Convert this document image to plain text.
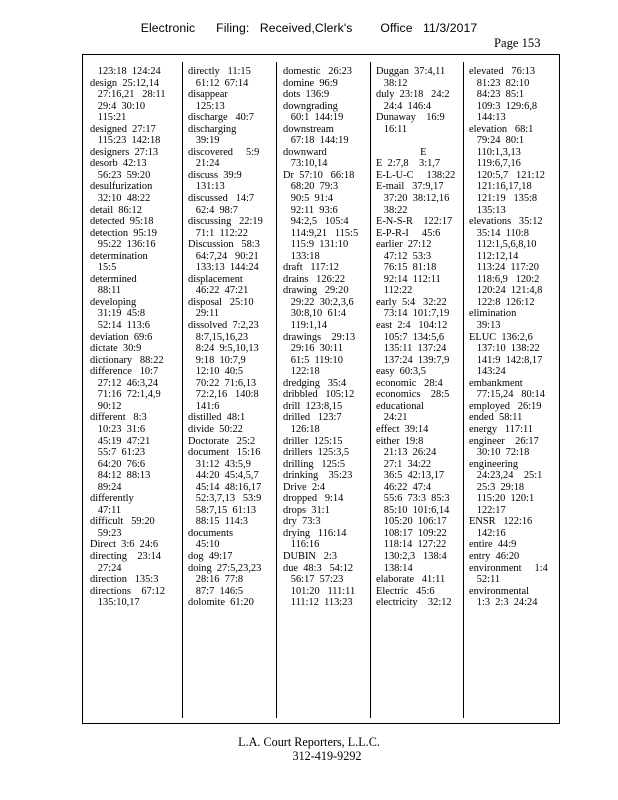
Electronic      Filing:   Received,Clerk's        Office   11/3/2017
Page 153
123:18  124:24
design  25:12,14
27:16,21   28:11
29:4  30:10
115:21
designed  27:17
115:23  142:18
designers  27:13
desorb  42:13
56:23  59:20
desulfurization
32:10  48:22
detail  86:12
detected  95:18
detection  95:19
95:22  136:16
determination
15:5
determined
88:11
developing
31:19  45:8
52:14  113:6
deviation  69:6
dictate  30:9
dictionary   88:22
difference   10:7
27:12  46:3,24
71:16  72:1,4,9
90:12
different   8:3
10:23  31:6
45:19  47:21
55:7  61:23
64:20  76:6
84:12  88:13
89:24
differently
47:11
difficult   59:20
59:23
Direct  3:6  24:6
directing    23:14
27:24
direction   135:3
directions    67:12
135:10,17
directly   11:15
61:12  67:14
disappear
125:13
discharge   40:7
discharging
39:19
discovered     5:9
21:24
discuss  39:9
131:13
discussed   14:7
62:4  98:7
discussing   22:19
71:1  112:22
Discussion   58:3
64:7,24   90:21
133:13  144:24
displacement
46:22  47:21
disposal   25:10
29:11
dissolved  7:2,23
8:7,15,16,23
8:24  9:5,10,13
9:18  10:7,9
12:10  40:5
70:22  71:6,13
72:2,16   140:8
141:6
distilled  48:1
divide  50:22
Doctorate   25:2
document   15:16
31:12  43:5,9
44:20  45:4,5,7
45:14  48:16,17
52:3,7,13   53:9
58:7,15  61:13
88:15  114:3
documents
45:10
dog  49:17
doing  27:5,23,23
28:16  77:8
87:7  146:5
dolomite  61:20
domestic   26:23
domine  96:9
dots  136:9
downgrading
60:1  144:19
downstream
67:18  144:19
downward
73:10,14
Dr  57:10   66:18
68:20  79:3
90:5  91:4
92:11  93:6
94:2,5   105:4
114:9,21   115:5
115:9  131:10
133:18
draft   117:12
drains   126:22
drawing   29:20
29:22  30:2,3,6
30:8,10  61:4
119:1,14
drawings    29:13
29:16  30:11
61:5  119:10
122:18
dredging   35:4
dribbled   105:12
drill  123:8,15
drilled   123:7
126:18
driller  125:15
drillers  125:3,5
drilling   125:5
drinking    35:23
Drive  2:4
dropped   9:14
drops  31:1
dry  73:3
drying   116:14
116:16
DUBIN   2:3
due  48:3   54:12
56:17  57:23
101:20   111:11
111:12  113:23
Duggan  37:4,11
38:12
duly  23:18   24:2
24:4  146:4
Dunaway    16:9
16:11

E
E  2:7,8    3:1,7
E-L-U-C     138:22
E-mail   37:9,17
37:20  38:12,16
38:22
E-N-S-R    122:17
E-P-R-I     45:6
earlier  27:12
47:12  53:3
76:15  81:18
92:14  112:11
112:22
early  5:4   32:22
73:14  101:7,19
east  2:4   104:12
105:7  134:5,6
135:11  137:24
137:24  139:7,9
easy  60:3,5
economic   28:4
economics    28:5
educational
24:21
effect  39:14
either  19:8
21:13  26:24
27:1  34:22
36:5  42:13,17
46:22  47:4
55:6  73:3  85:3
85:10  101:6,14
105:20  106:17
108:17  109:22
118:14  127:22
130:2,3   138:4
138:14
elaborate   41:11
Electric   45:6
electricity    32:12
elevated   76:13
81:23  82:10
84:23  85:1
109:3  129:6,8
144:13
elevation   68:1
79:24  80:1
110:1,3,13
119:6,7,16
120:5,7   121:12
121:16,17,18
121:19   135:8
135:13
elevations   35:12
35:14  110:8
112:1,5,6,8,10
112:12,14
113:24  117:20
118:6,9   120:2
120:24  121:4,8
122:8  126:12
elimination
39:13
ELUC  136:2,6
137:10  138:22
141:9  142:8,17
143:24
embankment
77:15,24   80:14
employed   26:19
ended  58:11
energy   117:11
engineer    26:17
30:10  72:18
engineering
24:23,24    25:1
25:3  29:18
115:20  120:1
122:17
ENSR   122:16
142:16
entire  44:9
entry  46:20
environment     1:4
52:11
environmental
1:3  2:3  24:24
L.A. Court Reporters, L.L.C.
312-419-9292
